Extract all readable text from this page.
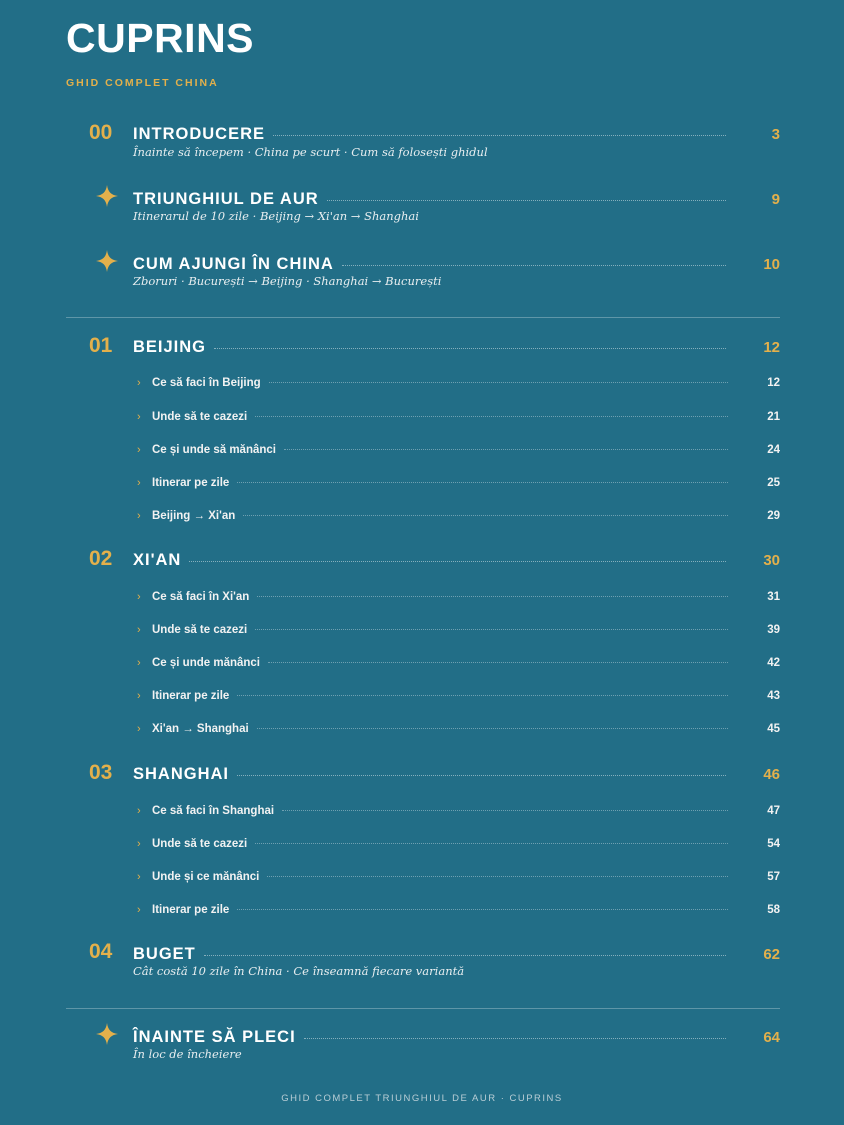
CUPRINS
GHID COMPLET CHINA
00	INTRODUCERE	3
Înainte să începem · China pe scurt · Cum să folosești ghidul
TRIUNGHIUL DE AUR	9
Itinerarul de 10 zile · Beijing → Xi'an → Shanghai
CUM AJUNGI ÎN CHINA	10
Zboruri · București → Beijing · Shanghai → București
01	BEIJING	12
› Ce să faci în Beijing	12
› Unde să te cazezi	21
› Ce și unde să mănânci	24
› Itinerar pe zile	25
› Beijing → Xi'an	29
02	XI'AN	30
› Ce să faci în Xi'an	31
› Unde să te cazezi	39
› Ce și unde mănânci	42
› Itinerar pe zile	43
› Xi'an → Shanghai	45
03	SHANGHAI	46
› Ce să faci în Shanghai	47
› Unde să te cazezi	54
› Unde și ce mănânci	57
› Itinerar pe zile	58
04	BUGET	62
Cât costă 10 zile în China · Ce înseamnă fiecare variantă
ÎNAINTE SĂ PLECI	64
În loc de încheiere
GHID COMPLET TRIUNGHIUL DE AUR · CUPRINS
